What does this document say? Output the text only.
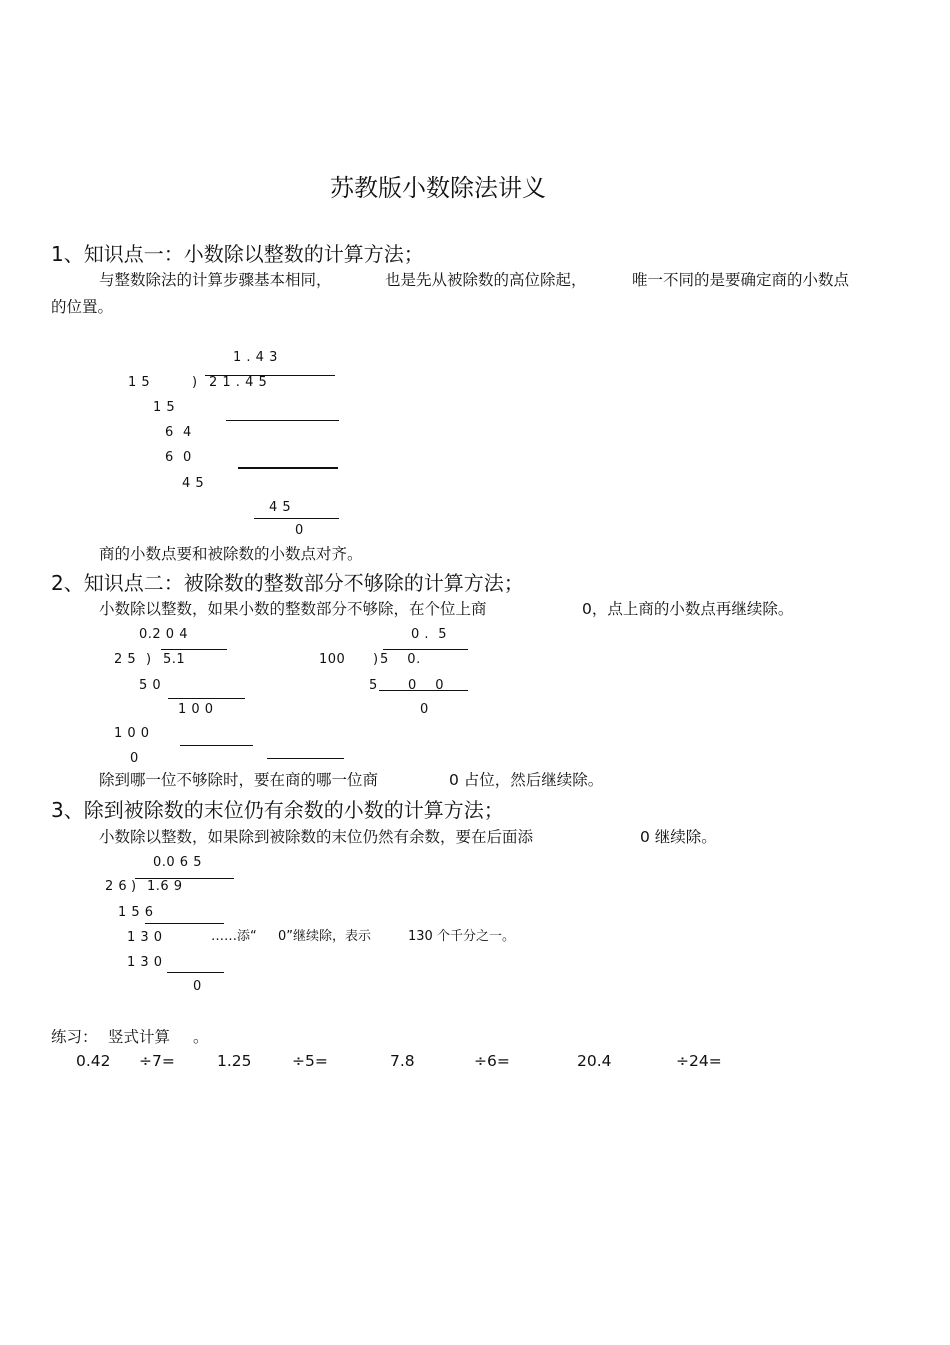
苏教版小数除法讲义
1、知识点一：小数除以整数的计算方法；
与整数除法的计算步骤基本相同，	也是先从被除数的高位除起，	唯一不同的是要确定商的小数点
的位置。
1 . 4 3
1 5	) 2 1 . 4 5
1 5
6  4
6  0
4 5
4 5
0
商的小数点要和被除数的小数点对齐。
2、知识点二：被除数的整数部分不够除的计算方法；
小数除以整数，如果小数的整数部分不够除，在个位上商	0，点上商的小数点再继续除。
0.2 0 4
2 5 ) 5.1
5 0
1 0 0
1 0 0
0
0 .  5
100 ) 5    0.
5 0    0
0
除到哪一位不够除时，要在商的哪一位商	0 占位，然后继续除。
3、除到被除数的末位仍有余数的小数的计算方法；
小数除以整数，如果除到被除数的末位仍然有余数，要在后面添	0 继续除。
0.0 6 5
2 6 ) 1.6 9
1 5 6
1 3 0
1 3 0
0
……添“ 0”继续除，表示	130 个千分之一。
练习： 竖式计算 。
0.42 ÷7=	1.25	÷5=	7.8	÷6=	20.4	÷24=
